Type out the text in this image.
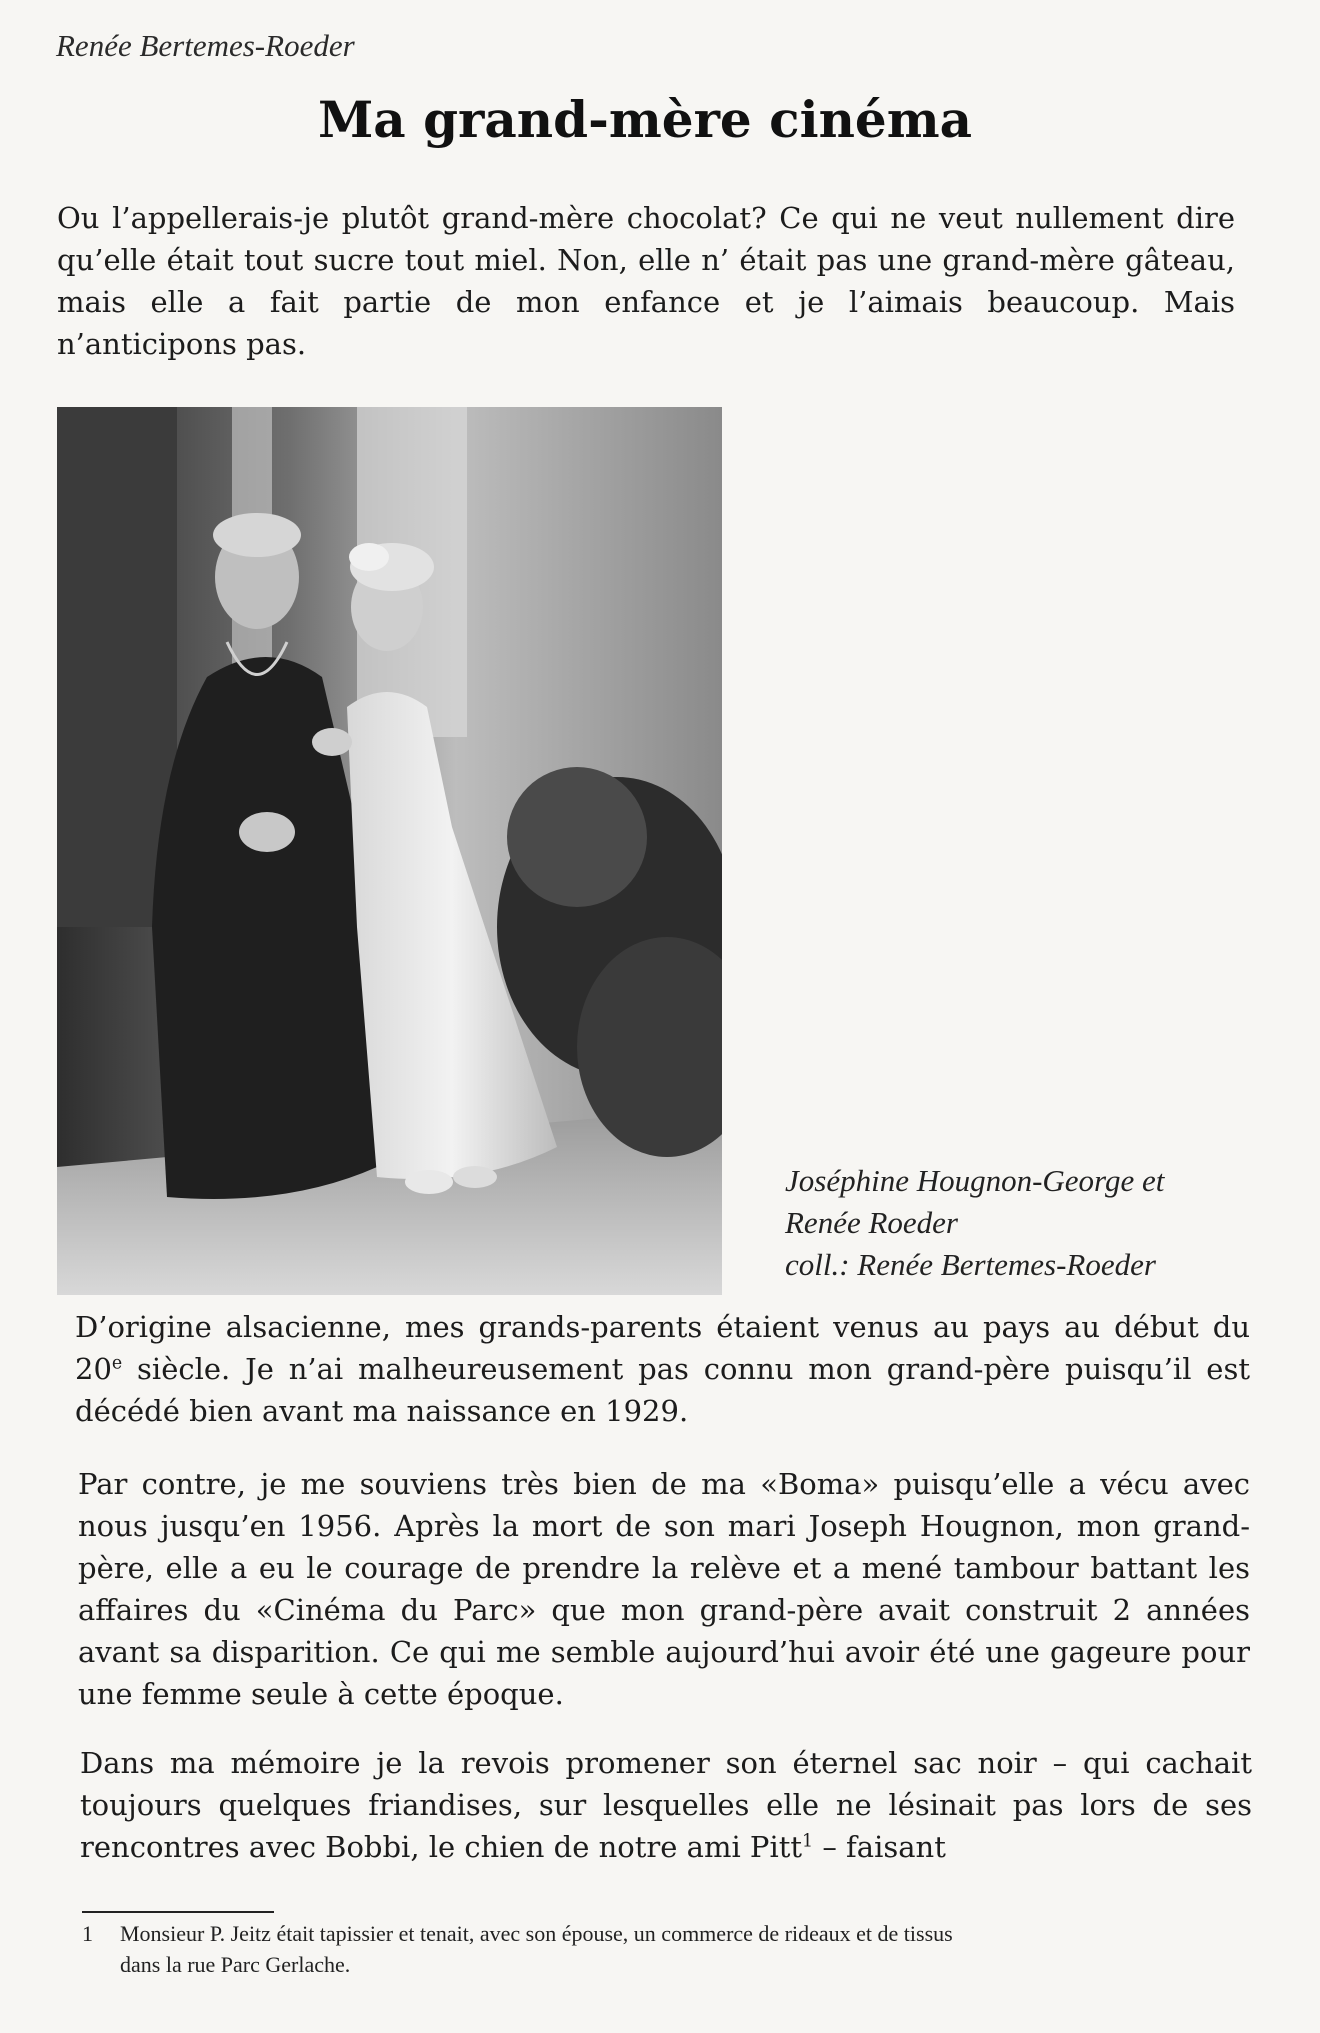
Renée Bertemes-Roeder
Ma grand-mère cinéma

Ou l’appellerais-je plutôt grand-mère chocolat? Ce qui ne veut nullement dire qu’elle était tout sucre tout miel. Non, elle n’ était pas une grand-mère gâteau, mais elle a fait partie de mon enfance et je l’aimais beaucoup. Mais n’anticipons pas.

Joséphine Hougnon-George et
Renée Roeder
coll.: Renée Bertemes-Roeder

D’origine alsacienne, mes grands-parents étaient venus au pays au début du 20e siècle. Je n’ai malheureusement pas connu mon grand-père puisqu’il est décédé bien avant ma naissance en 1929.

Par contre, je me souviens très bien de ma «Boma» puisqu’elle a vécu avec nous jusqu’en 1956. Après la mort de son mari Joseph Hougnon, mon grand-père, elle a eu le courage de prendre la relève et a mené tambour battant les affaires du «Cinéma du Parc» que mon grand-père avait construit 2 années avant sa disparition. Ce qui me semble aujourd’hui avoir été une gageure pour une femme seule à cette époque.

Dans ma mémoire je la revois promener son éternel sac noir – qui cachait toujours quelques friandises, sur lesquelles elle ne lésinait pas lors de ses rencontres avec Bobbi, le chien de notre ami Pitt$^1$ – faisant

1 Monsieur P. Jeitz était tapissier et tenait, avec son épouse, un commerce de rideaux et de tissus
dans la rue Parc Gerlache.
